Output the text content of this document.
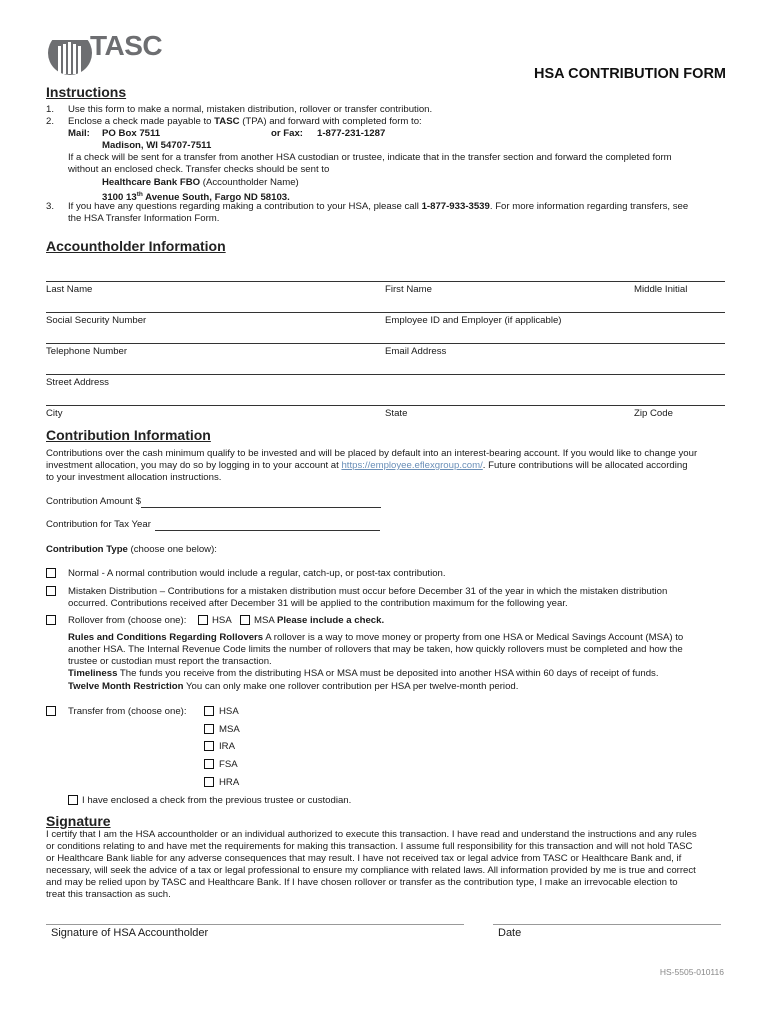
TASC
HSA CONTRIBUTION FORM
Instructions
1. Use this form to make a normal, mistaken distribution, rollover or transfer contribution.
2. Enclose a check made payable to TASC (TPA) and forward with completed form to:
Mail: PO Box 7511	or Fax: 1-877-231-1287
Madison, WI 54707-7511
If a check will be sent for a transfer from another HSA custodian or trustee, indicate that in the transfer section and forward the completed form
without an enclosed check. Transfer checks should be sent to
Healthcare Bank FBO (Accountholder Name)
3100 13th Avenue South, Fargo ND 58103.
3. If you have any questions regarding making a contribution to your HSA, please call 1-877-933-3539. For more information regarding transfers, see
the HSA Transfer Information Form.
Accountholder Information
Last Name	First Name	Middle Initial
Social Security Number	Employee ID and Employer (if applicable)
Telephone Number	Email Address
Street Address
City	State	Zip Code
Contribution Information
Contributions over the cash minimum qualify to be invested and will be placed by default into an interest-bearing account. If you would like to change your
investment allocation, you may do so by logging in to your account at https://employee.eflexgroup.com/. Future contributions will be allocated according
to your investment allocation instructions.
Contribution Amount $
Contribution for Tax Year
Contribution Type (choose one below):
Normal - A normal contribution would include a regular, catch-up, or post-tax contribution.
Mistaken Distribution – Contributions for a mistaken distribution must occur before December 31 of the year in which the mistaken distribution
occurred. Contributions received after December 31 will be applied to the contribution maximum for the following year.
Rollover from (choose one):	HSA MSA Please include a check.
Rules and Conditions Regarding Rollovers A rollover is a way to move money or property from one HSA or Medical Savings Account (MSA) to
another HSA. The Internal Revenue Code limits the number of rollovers that may be taken, how quickly rollovers must be completed and how the
trustee or custodian must report the transaction.
Timeliness The funds you receive from the distributing HSA or MSA must be deposited into another HSA within 60 days of receipt of funds.
Twelve Month Restriction You can only make one rollover contribution per HSA per twelve-month period.
Transfer from (choose one):	HSA
MSA
IRA
FSA
HRA
I have enclosed a check from the previous trustee or custodian.
Signature
I certify that I am the HSA accountholder or an individual authorized to execute this transaction. I have read and understand the instructions and any rules
or conditions relating to and have met the requirements for making this transaction. I assume full responsibility for this transaction and will not hold TASC
or Healthcare Bank liable for any adverse consequences that may result. I have not received tax or legal advice from TASC or Healthcare Bank and, if
necessary, will seek the advice of a tax or legal professional to ensure my compliance with related laws. All information provided by me is true and correct
and may be relied upon by TASC and Healthcare Bank. If I have chosen rollover or transfer as the contribution type, I make an irrevocable election to
treat this transaction as such.
Signature of HSA Accountholder	Date
HS-5505-010116
